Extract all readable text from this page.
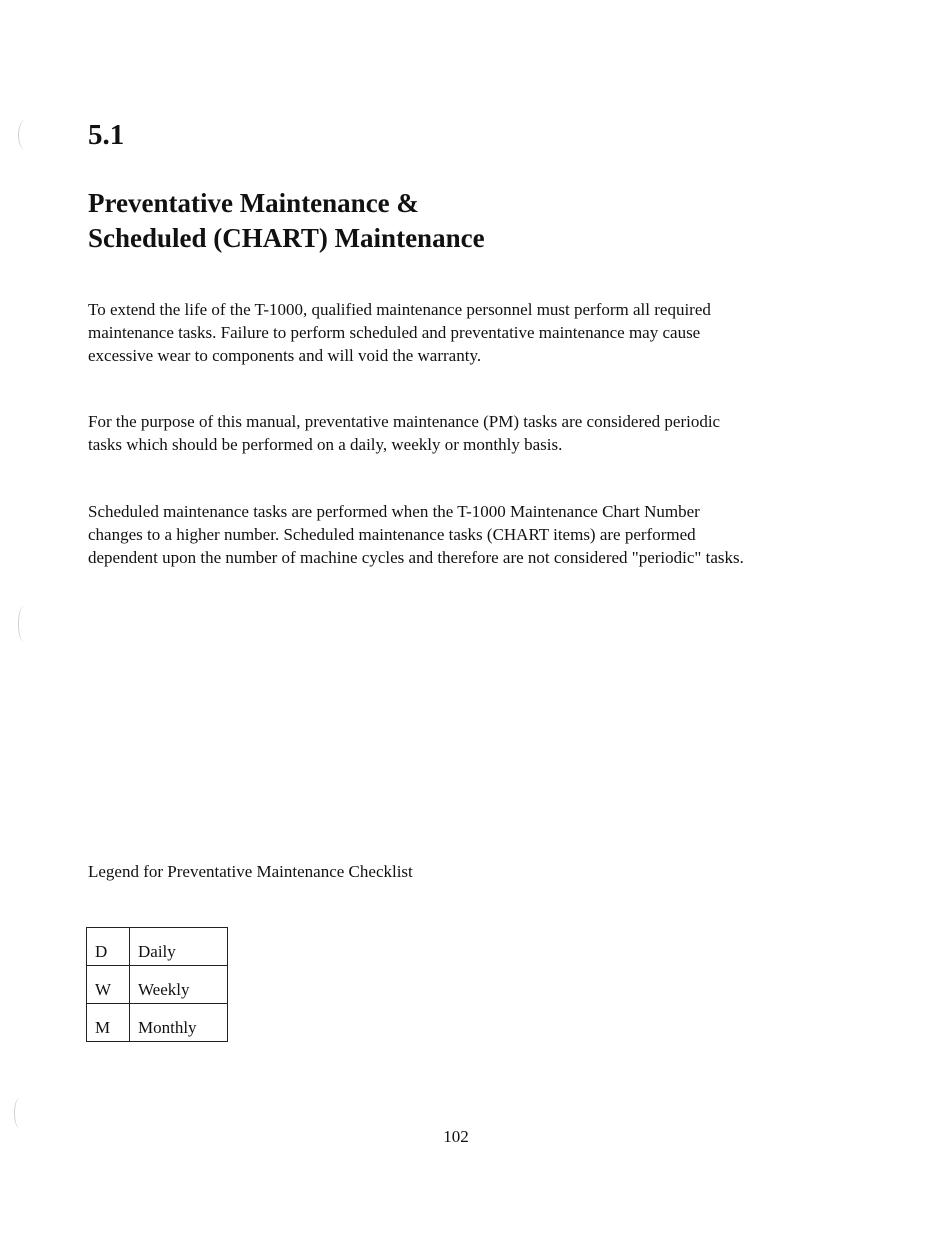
5.1
Preventative Maintenance &
Scheduled (CHART) Maintenance

To extend the life of the T-1000, qualified maintenance personnel must perform all required
maintenance tasks. Failure to perform scheduled and preventative maintenance may cause
excessive wear to components and will void the warranty.

For the purpose of this manual, preventative maintenance (PM) tasks are considered periodic
tasks which should be performed on a daily, weekly or monthly basis.

Scheduled maintenance tasks are performed when the T-1000 Maintenance Chart Number
changes to a higher number. Scheduled maintenance tasks (CHART items) are performed
dependent upon the number of machine cycles and therefore are not considered "periodic" tasks.

Legend for Preventative Maintenance Checklist

D	Daily
W	Weekly
M	Monthly

102
